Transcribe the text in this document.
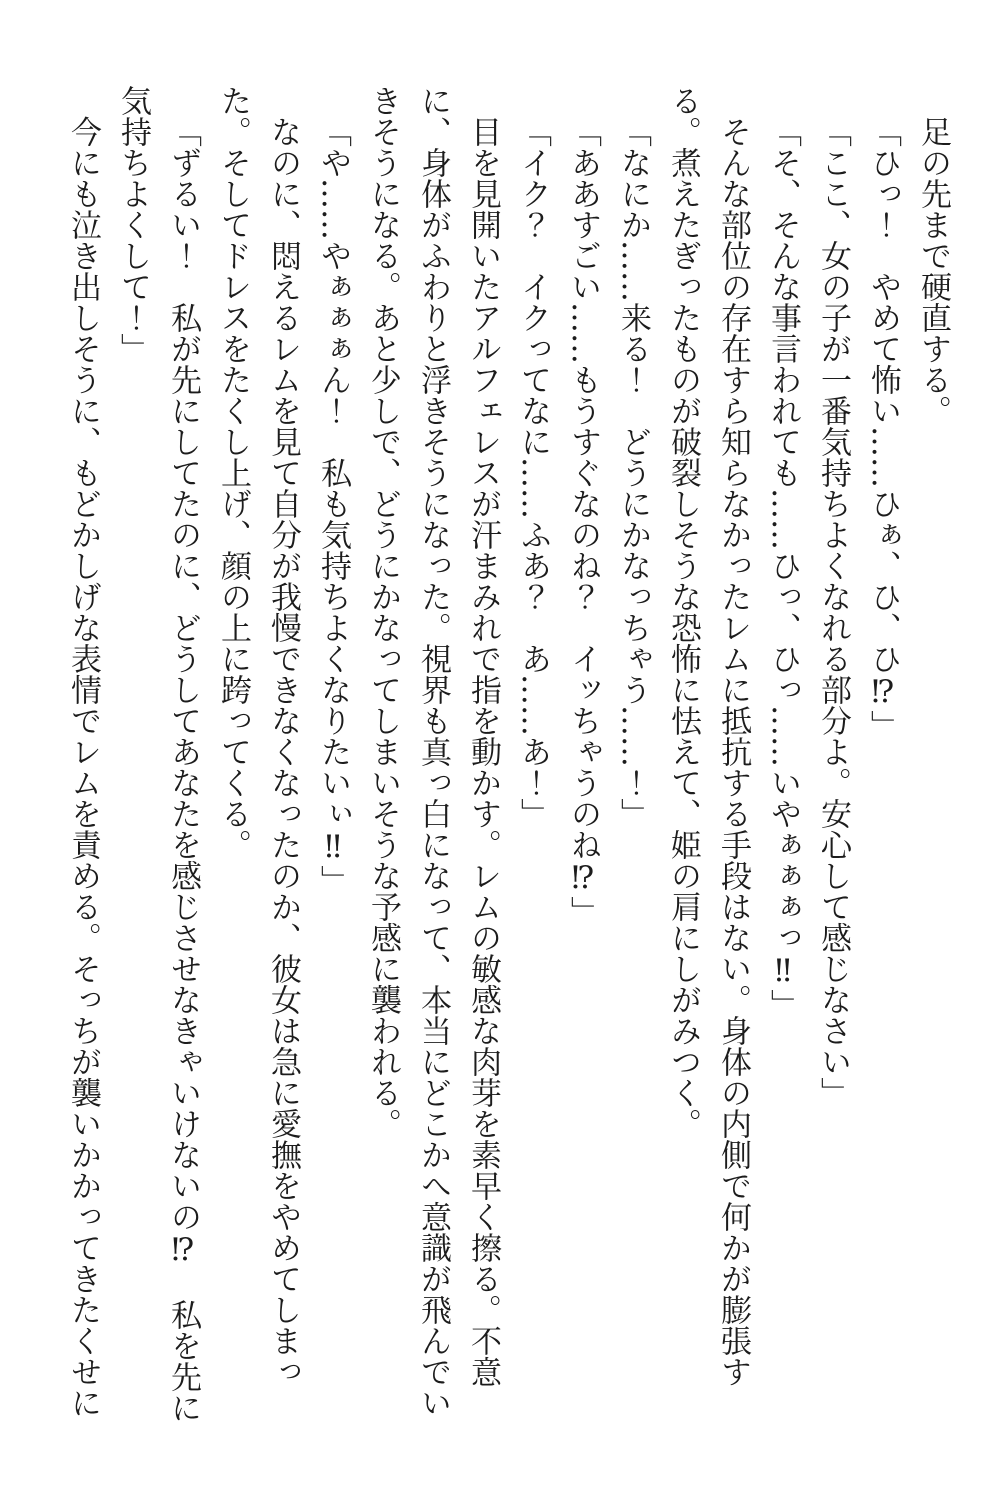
足の先まで硬直する。

「ひっ！　やめて怖い……ひぁ、ひ、ひ⁉」

「ここ、女の子が一番気持ちよくなれる部分よ。安心して感じなさい」

「そ、そんな事言われても……ひっ、ひっ……いやぁぁぁっ‼」

そんな部位の存在すら知らなかったレムに抵抗する手段はない。身体の内側で何かが膨張する。煮えたぎったものが破裂しそうな恐怖に怯えて、姫の肩にしがみつく。

「なにか……来る！　どうにかなっちゃう……！」

「ああすごい……もうすぐなのね？　イッちゃうのね⁉」

「イク？　イクってなに……ふあ？　あ……あ！」

目を見開いたアルフェレスが汗まみれで指を動かす。レムの敏感な肉芽を素早く擦る。不意に、身体がふわりと浮きそうになった。視界も真っ白になって、本当にどこかへ意識が飛んでいきそうになる。あと少しで、どうにかなってしまいそうな予感に襲われる。

「や……やぁぁぁん！　私も気持ちよくなりたいぃ‼」

なのに、悶えるレムを見て自分が我慢できなくなったのか、彼女は急に愛撫をやめてしまった。そしてドレスをたくし上げ、顔の上に跨ってくる。

「ずるい！　私が先にしてたのに、どうしてあなたを感じさせなきゃいけないの⁉　私を先に気持ちよくして！」

今にも泣き出しそうに、もどかしげな表情でレムを責める。そっちが襲いかかってきたくせに
